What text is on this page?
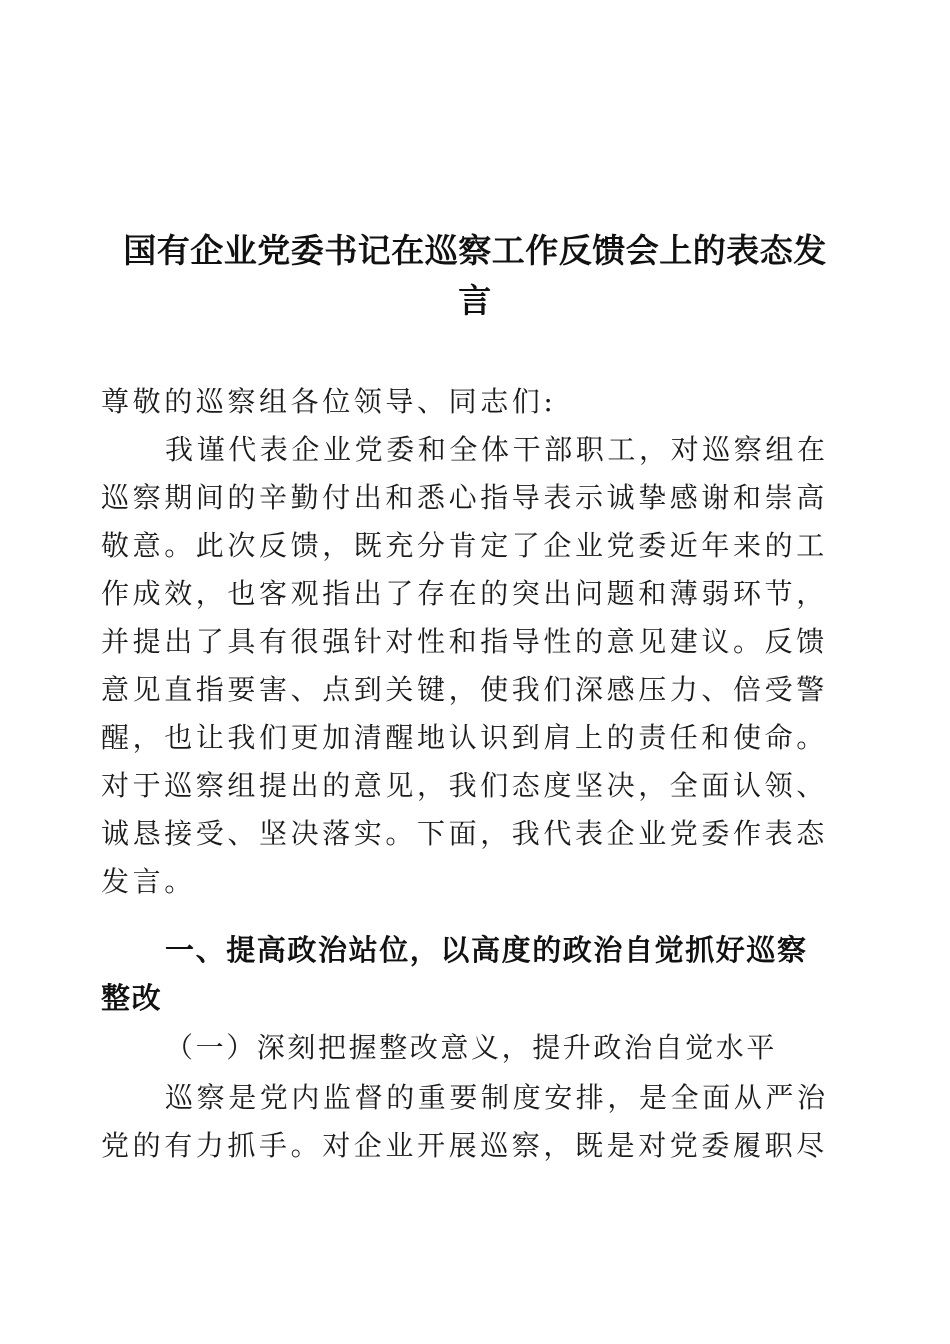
国有企业党委书记在巡察工作反馈会上的表态发
言
尊敬的巡察组各位领导、同志们:
我谨代表企业党委和全体干部职工，对巡察组在
巡察期间的辛勤付出和悉心指导表示诚挚感谢和崇高
敬意。此次反馈，既充分肯定了企业党委近年来的工
作成效，也客观指出了存在的突出问题和薄弱环节，
并提出了具有很强针对性和指导性的意见建议。反馈
意见直指要害、点到关键，使我们深感压力、倍受警
醒，也让我们更加清醒地认识到肩上的责任和使命。
对于巡察组提出的意见，我们态度坚决，全面认领、
诚恳接受、坚决落实。下面，我代表企业党委作表态
发言。
一、提高政治站位，以高度的政治自觉抓好巡察
整改
（一）深刻把握整改意义，提升政治自觉水平
巡察是党内监督的重要制度安排，是全面从严治
党的有力抓手。对企业开展巡察，既是对党委履职尽
